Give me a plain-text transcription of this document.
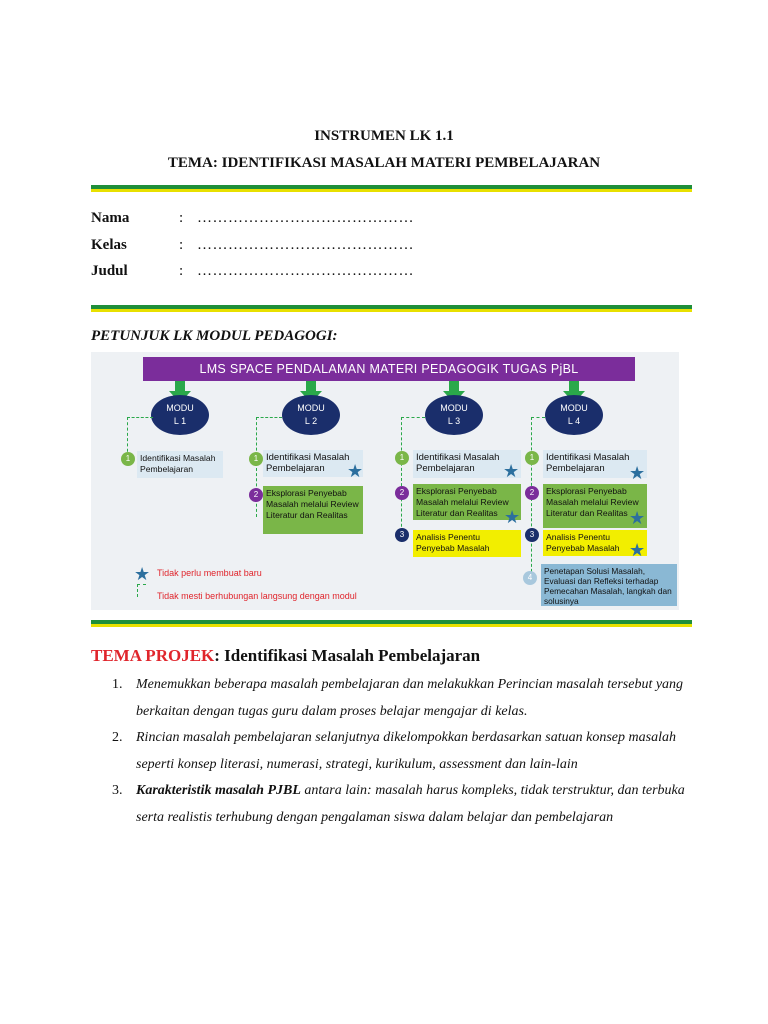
INSTRUMEN LK 1.1
TEMA: IDENTIFIKASI MASALAH MATERI PEMBELAJARAN
Nama	: ……………………………………
Kelas	: ……………………………………
Judul	: ……………………………………
PETUNJUK LK MODUL PEDAGOGI:
LMS SPACE PENDALAMAN MATERI PEDAGOGIK TUGAS PjBL
MODU
L 1
MODU
L 2
MODU
L 3
MODU
L 4
1	Identifikasi Masalah Pembelajaran
1 Identifikasi Masalah Pembelajaran	★
2 Eksplorasi Penyebab Masalah melalui Review Literatur dan Realitas
1	Identifikasi Masalah Pembelajaran	★
2	Eksplorasi Penyebab Masalah melalui Review Literatur dan Realitas ★
3	Analisis Penentu Penyebab Masalah
1	Identifikasi Masalah Pembelajaran	★
2	Eksplorasi Penyebab Masalah melalui Review Literatur dan Realitas ★
3	Analisis Penentu Penyebab Masalah ★
4
Penetapan Solusi Masalah, Evaluasi dan Refleksi terhadap Pemecahan Masalah, langkah dan solusinya
★ Tidak perlu membuat baru
Tidak mesti berhubungan langsung dengan modul
TEMA PROJEK: Identifikasi Masalah Pembelajaran
1. Menemukkan beberapa masalah pembelajaran dan melakukkan Perincian masalah tersebut yang berkaitan dengan tugas guru dalam proses belajar mengajar di kelas.
2. Rincian masalah pembelajaran selanjutnya dikelompokkan berdasarkan satuan konsep masalah seperti konsep literasi, numerasi, strategi, kurikulum, assessment dan lain-lain
3. Karakteristik masalah PJBL antara lain: masalah harus kompleks, tidak terstruktur, dan terbuka serta realistis terhubung dengan pengalaman siswa dalam belajar dan pembelajaran
